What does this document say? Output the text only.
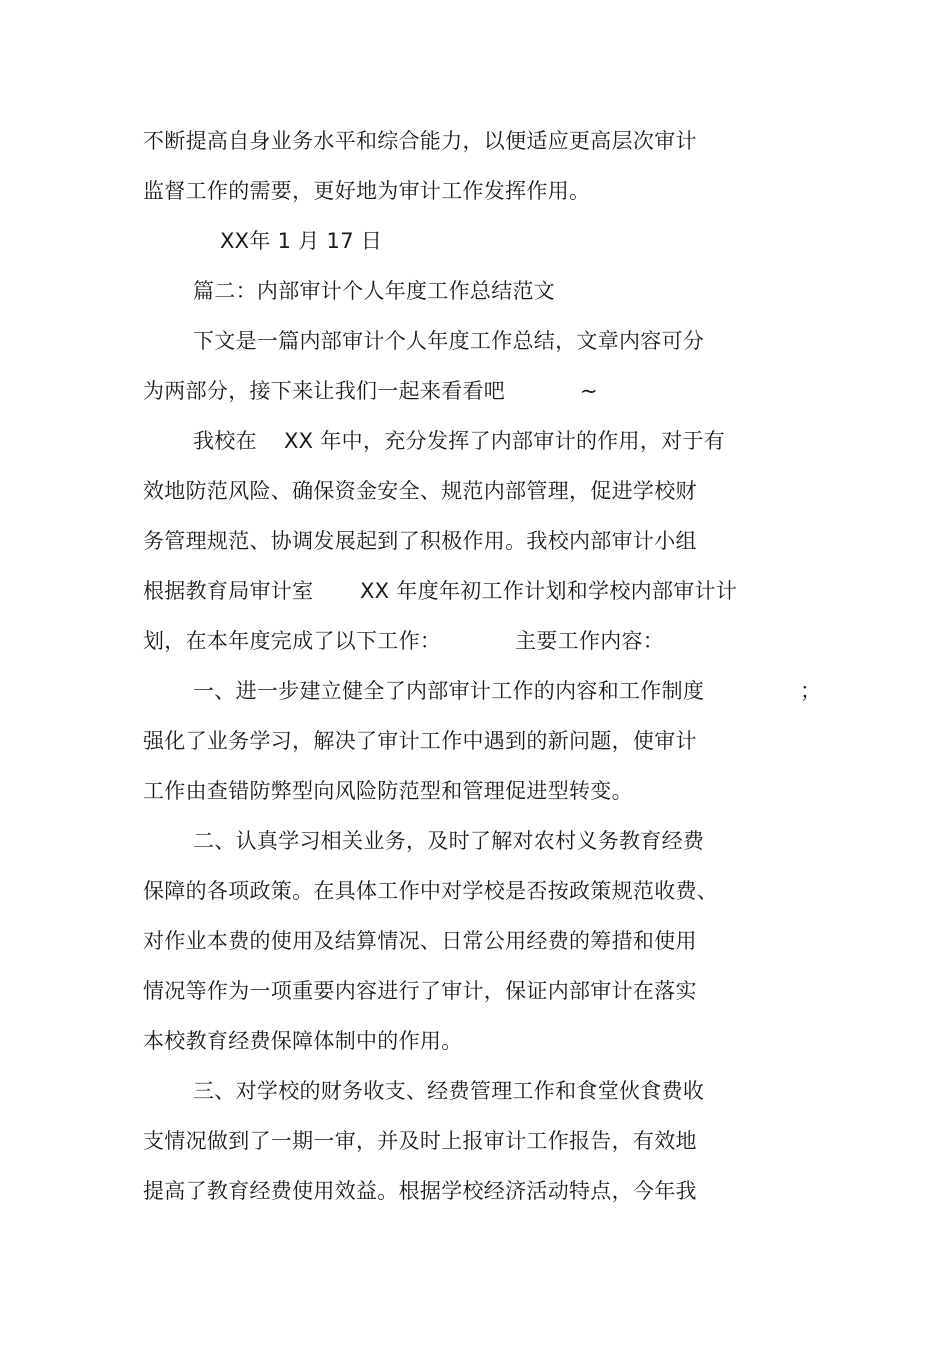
不断提高自身业务水平和综合能力，以便适应更高层次审计
监督工作的需要，更好地为审计工作发挥作用。
XX年 1 月 17 日
篇二：内部审计个人年度工作总结范文
下文是一篇内部审计个人年度工作总结，文章内容可分
为两部分，接下来让我们一起来看看吧	~
我校在 XX 年中，充分发挥了内部审计的作用，对于有
效地防范风险、确保资金安全、规范内部管理，促进学校财
务管理规范、协调发展起到了积极作用。我校内部审计小组
根据教育局审计室 XX 年度年初工作计划和学校内部审计计
划，在本年度完成了以下工作：	主要工作内容：
一、进一步建立健全了内部审计工作的内容和工作制度	；
强化了业务学习，解决了审计工作中遇到的新问题，使审计
工作由查错防弊型向风险防范型和管理促进型转变。
二、认真学习相关业务，及时了解对农村义务教育经费
保障的各项政策。在具体工作中对学校是否按政策规范收费、
对作业本费的使用及结算情况、日常公用经费的筹措和使用
情况等作为一项重要内容进行了审计，保证内部审计在落实
本校教育经费保障体制中的作用。
三、对学校的财务收支、经费管理工作和食堂伙食费收
支情况做到了一期一审，并及时上报审计工作报告，有效地
提高了教育经费使用效益。根据学校经济活动特点，今年我
